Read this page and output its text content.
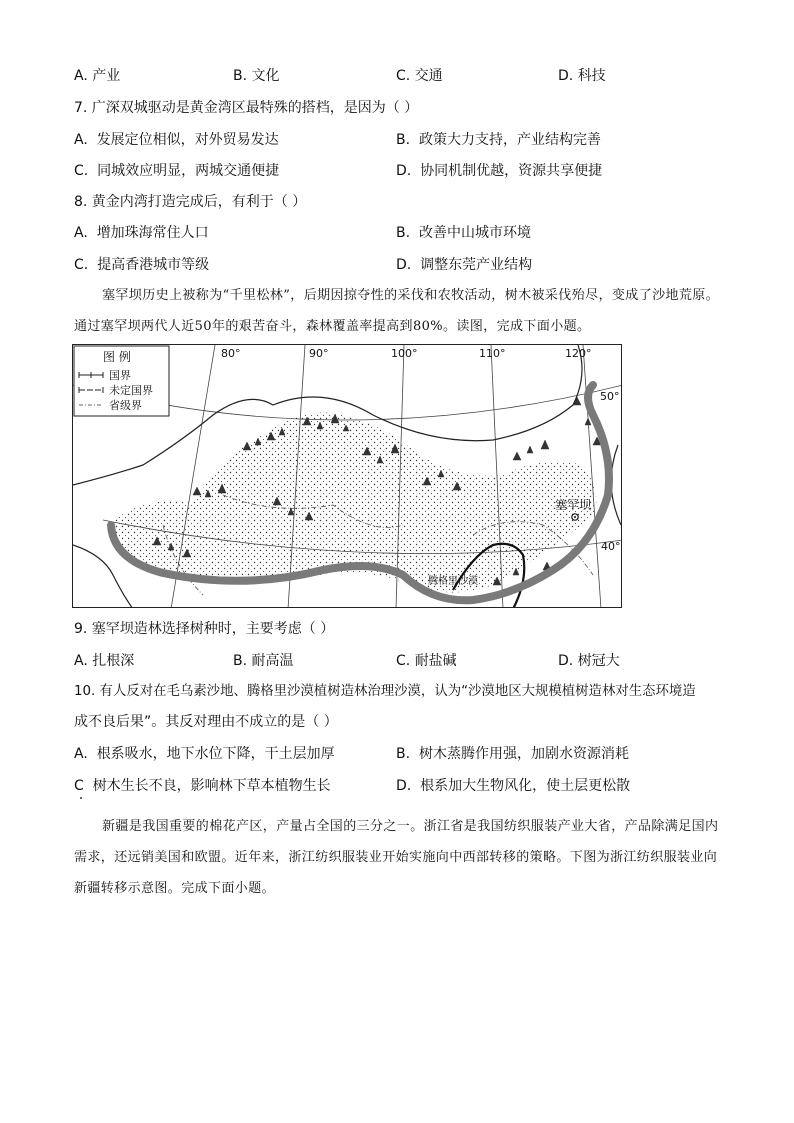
A. 产业	B. 文化	C. 交通	D. 科技
7. 广深双城驱动是黄金湾区最特殊的搭档，是因为（ ）
A. 发展定位相似，对外贸易发达	B. 政策大力支持，产业结构完善
C. 同城效应明显，两城交通便捷	D. 协同机制优越，资源共享便捷
8. 黄金内湾打造完成后，有利于（ ）
A. 增加珠海常住人口	B. 改善中山城市环境
C. 提高香港城市等级	D. 调整东莞产业结构
塞罕坝历史上被称为“千里松林”，后期因掠夺性的采伐和农牧活动，树木被采伐殆尽，变成了沙地荒原。通过塞罕坝两代人近50年的艰苦奋斗，森林覆盖率提高到80%。读图，完成下面小题。
图 例
国界
未定国界
省级界
80°	90°	100°	110°	120°
50°
40°
塞罕坝
腾格里沙漠
9. 塞罕坝造林选择树种时，主要考虑（ ）
A. 扎根深	B. 耐高温	C. 耐盐碱	D. 树冠大
10. 有人反对在毛乌素沙地、腾格里沙漠植树造林治理沙漠，认为“沙漠地区大规模植树造林对生态环境造
成不良后果”。其反对理由不成立的是（ ）
A. 根系吸水，地下水位下降，干土层加厚	B. 树木蒸腾作用强，加剧水资源消耗
C 树木生长不良，影响林下草本植物生长	D. 根系加大生物风化，使土层更松散
新疆是我国重要的棉花产区，产量占全国的三分之一。浙江省是我国纺织服装产业大省，产品除满足国内需求，还远销美国和欧盟。近年来，浙江纺织服装业开始实施向中西部转移的策略。下图为浙江纺织服装业向新疆转移示意图。完成下面小题。
